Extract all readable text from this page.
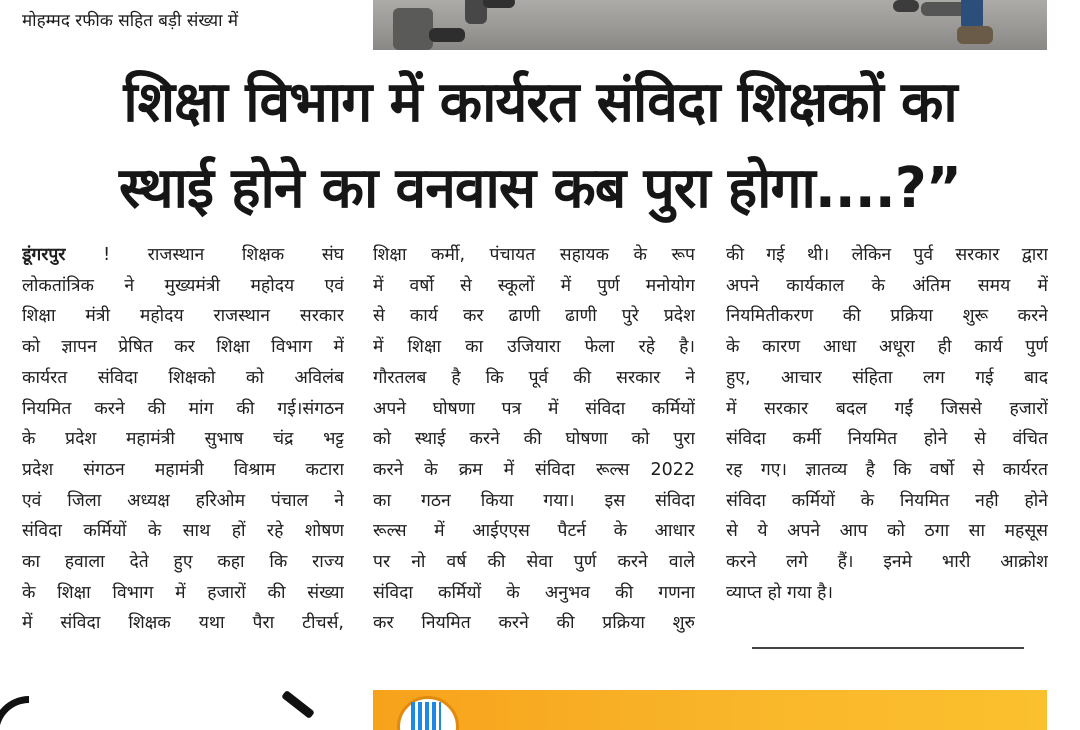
मोहम्मद रफीक सहित बड़ी संख्या में
शिक्षा विभाग में कार्यरत संविदा शिक्षकों का
स्थाई होने का वनवास कब पुरा होगा....?”
डूंगरपुर ! राजस्थान शिक्षक संघ
लोकतांत्रिक ने मुख्यमंत्री महोदय एवं
शिक्षा मंत्री महोदय राजस्थान सरकार
को ज्ञापन प्रेषित कर शिक्षा विभाग में
कार्यरत संविदा शिक्षको को अविलंब
नियमित करने की मांग की गई।संगठन
के प्रदेश महामंत्री सुभाष चंद्र भट्ट
प्रदेश संगठन महामंत्री विश्राम कटारा
एवं जिला अध्यक्ष हरिओम पंचाल ने
संविदा कर्मियों के साथ हों रहे शोषण
का हवाला देते हुए कहा कि राज्य
के शिक्षा विभाग में हजारों की संख्या
में संविदा शिक्षक यथा पैरा टीचर्स,
शिक्षा कर्मी, पंचायत सहायक के रूप
में वर्षो से स्कूलों में पुर्ण मनोयोग
से कार्य कर ढाणी ढाणी पुरे प्रदेश
में शिक्षा का उजियारा फेला रहे है।
गौरतलब है कि पूर्व की सरकार ने
अपने घोषणा पत्र में संविदा कर्मियों
को स्थाई करने की घोषणा को पुरा
करने के क्रम में संविदा रूल्स 2022
का गठन किया गया। इस संविदा
रूल्स में आईएएस पैटर्न के आधार
पर नो वर्ष की सेवा पुर्ण करने वाले
संविदा कर्मियों के अनुभव की गणना
कर नियमित करने की प्रक्रिया शुरु
की गई थी। लेकिन पुर्व सरकार द्वारा
अपने कार्यकाल के अंतिम समय में
नियमितीकरण की प्रक्रिया शुरू करने
के कारण आधा अधूरा ही कार्य पुर्ण
हुए, आचार संहिता लग गई बाद
में सरकार बदल गईं जिससे हजारों
संविदा कर्मी नियमित होने से वंचित
रह गए। ज्ञातव्य है कि वर्षो से कार्यरत
संविदा कर्मियों के नियमित नही होने
से ये अपने आप को ठगा सा महसूस
करने लगे हैं। इनमे भारी आक्रोश
व्याप्त हो गया है।
